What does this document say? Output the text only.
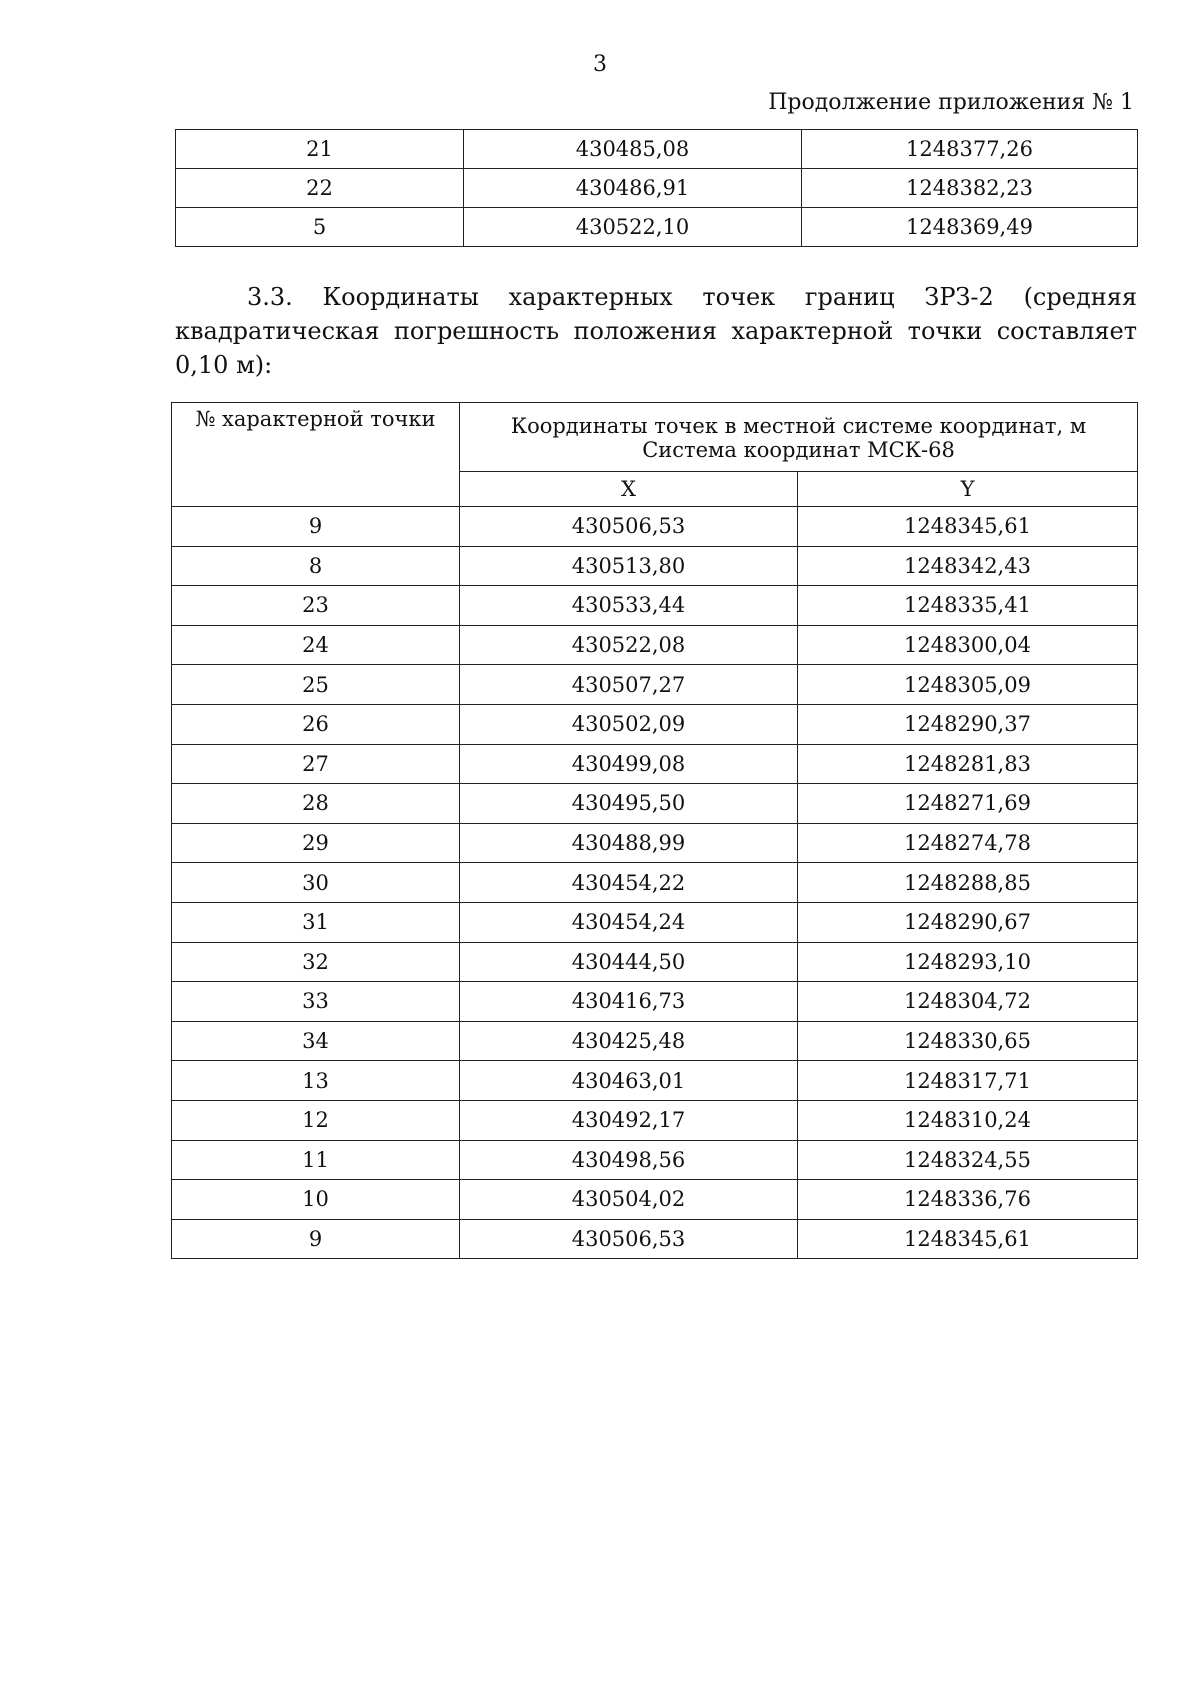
3
Продолжение приложения № 1
21	430485,08	1248377,26
22	430486,91	1248382,23
5	430522,10	1248369,49
3.3. Координаты характерных точек границ ЗРЗ-2 (средняя
квадратическая погрешность положения характерной точки составляет
0,10 м):
№ характерной точки	Координаты точек в местной системе координат, м
Система координат МСК-68	

	X	Y
9	430506,53	1248345,61
8	430513,80	1248342,43
23	430533,44	1248335,41
24	430522,08	1248300,04
25	430507,27	1248305,09
26	430502,09	1248290,37
27	430499,08	1248281,83
28	430495,50	1248271,69
29	430488,99	1248274,78
30	430454,22	1248288,85
31	430454,24	1248290,67
32	430444,50	1248293,10
33	430416,73	1248304,72
34	430425,48	1248330,65
13	430463,01	1248317,71
12	430492,17	1248310,24
11	430498,56	1248324,55
10	430504,02	1248336,76
9	430506,53	1248345,61
